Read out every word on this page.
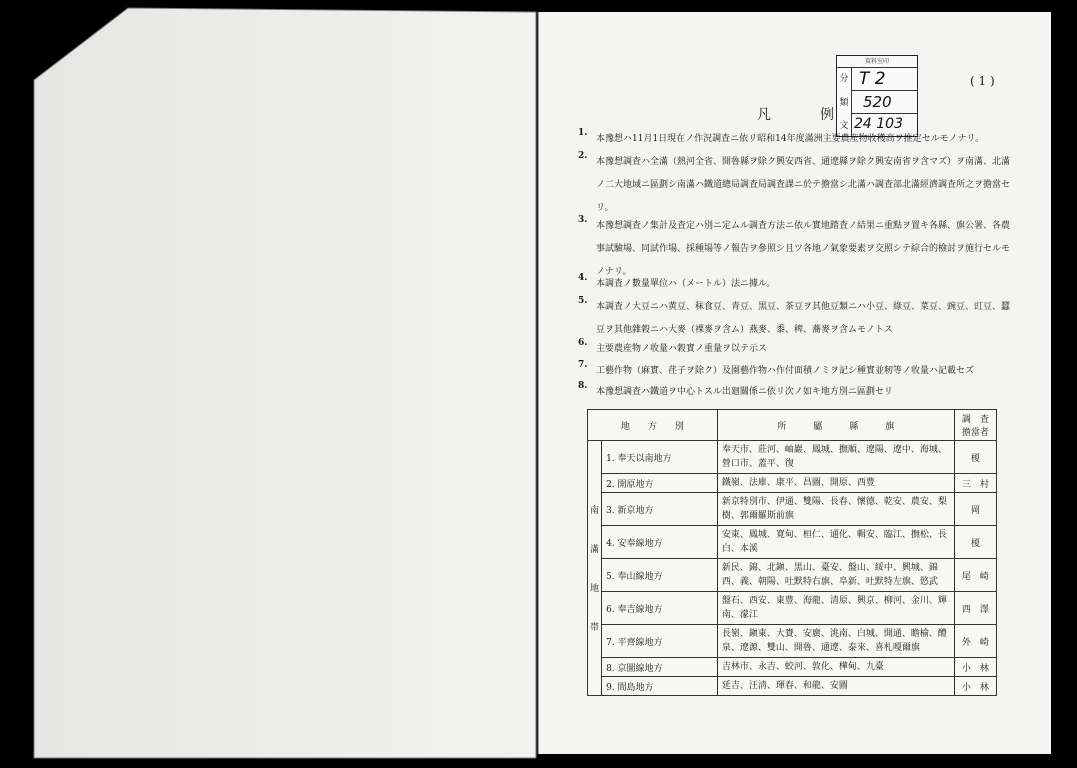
資料室印
分
類
文
T 2
520
24 103
( 1 )
凡	例
1.
本豫想ハ11月1日現在ノ作況調査ニ依リ昭和14年度滿洲主要農産物收穫高ヲ推定セルモノナリ。
2.
本豫想調査ハ全滿（熱河全省、開魯縣ヲ除ク興安西省、通遼縣ヲ除ク興安南省ヲ含マズ）ヲ南滿、北滿ノ二大地域ニ區劃シ南滿ハ鐵道總局調査局調査課ニ於テ擔當シ北滿ハ調査部北滿經濟調査所之ヲ擔當セリ。
3.
本豫想調査ノ集計及査定ハ別ニ定ムル調査方法ニ依ル實地踏査ノ結果ニ重點ヲ置キ各縣、旗公署、各農事試驗場、同試作場、採種場等ノ報告ヲ參照シ且ツ各地ノ氣象要素ヲ交照シテ綜合的檢討ヲ施行セルモノナリ。
4.
本調査ノ數量單位ハ（メートル）法ニ據ル。
5.
本調査ノ大豆ニハ黄豆、秣食豆、青豆、黒豆、茶豆ヲ其他豆類ニハ小豆、綠豆、菜豆、豌豆、豇豆、蠶豆ヲ其他雜穀ニハ大麥（裸麥ヲ含ム）燕麥、黍、稗、蕎麥ヲ含ムモノトス
6.
主要農産物ノ收量ハ穀實ノ重量ヲ以テ示ス
7.
工藝作物（麻實、荏子ヲ除ク）及園藝作物ハ作付面積ノミヲ記シ種實並籾等ノ收量ハ記載セズ
8.
本豫想調査ハ鐵道ヲ中心トスル出廻關係ニ依リ次ノ如キ地方別ニ區劃セリ
地　　方　　別		所　　　屬　　　縣　　　旗	調　査擔當者

南
滿
地
帯	1. 奉天以南地方	奉天市、莊河、岫巖、鳳城、撫順、遼陽、遼中、海城、營口市、蓋平、復	榎
	2. 開原地方	鐵嶺、法庫、康平、昌圖、開原、西豊	三　村
	3. 新京地方	新京特別市、伊通、雙陽、長春、懷德、乾安、農安、梨樹、郭爾羅斯前旗	岡
	4. 安奉線地方	安東、鳳城、寬甸、桓仁、通化、輯安、臨江、撫松、長白、本溪	榎
	5. 奉山線地方	新民、錦、北鎭、黒山、臺安、盤山、綏中、興城、錦西、義、朝陽、吐默特右旗、阜新、吐默特左旗、慾武	尾　崎
	6. 奉吉線地方	盤石、西安、東豊、海龍、清原、興京、柳河、金川、輝南、濛江	西　澤
	7. 平齊線地方	長嶺、鎭東、大賚、安廣、洮南、白城、開通、瞻榆、醴泉、遼源、雙山、開魯、通遼、泰來、喜札嘎爾旗	外　崎
	8. 京圖線地方	吉林市、永吉、蛟河、敦化、樺甸、九臺	小　林
	9. 間島地方	延吉、汪淸、琿春、和龍、安圖	小　林
